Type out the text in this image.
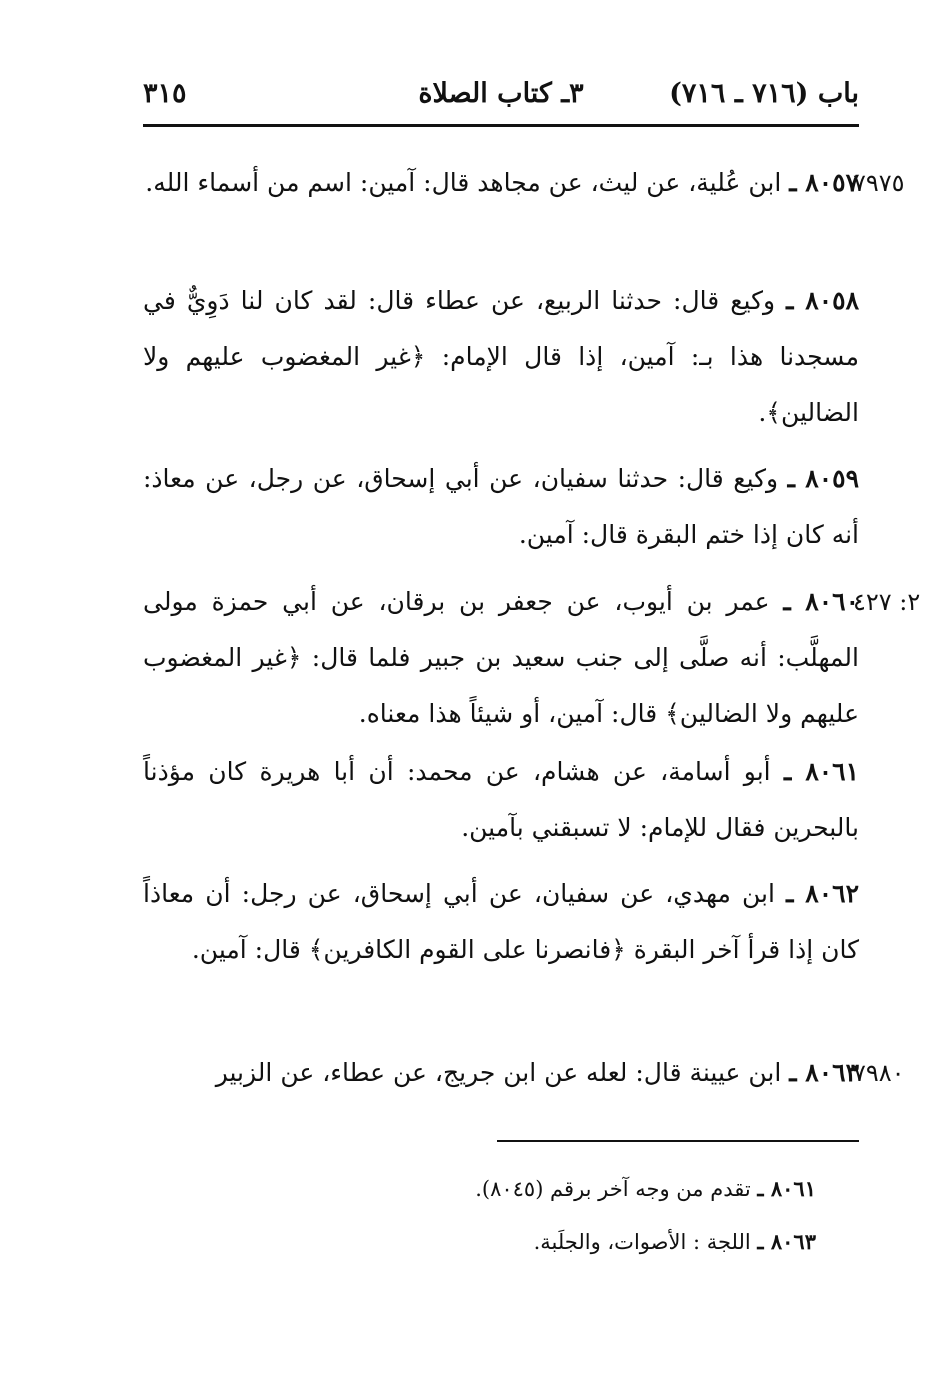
باب (٧١٦ ـ ٧١٦)
٣ـ كتاب الصلاة
٣١٥
٧٩٧٥
٨٠٥٧ ـ ابن عُلية، عن ليث، عن مجاهد قال: آمين: اسم من أسماء الله.
٨٠٥٨ ـ وكيع قال: حدثنا الربيع، عن عطاء قال: لقد كان لنا دَوِيٌّ في مسجدنا هذا بـ: آمين، إذا قال الإمام: ﴿غير المغضوب عليهم ولا الضالين﴾.
٨٠٥٩ ـ وكيع قال: حدثنا سفيان، عن أبي إسحاق، عن رجل، عن معاذ: أنه كان إذا ختم البقرة قال: آمين.
٢: ٤٢٧
٨٠٦٠ ـ عمر بن أيوب، عن جعفر بن برقان، عن أبي حمزة مولى المهلَّب: أنه صلَّى إلى جنب سعيد بن جبير فلما قال: ﴿غير المغضوب عليهم ولا الضالين﴾ قال: آمين، أو شيئاً هذا معناه.
٨٠٦١ ـ أبو أسامة، عن هشام، عن محمد: أن أبا هريرة كان مؤذناً بالبحرين فقال للإمام: لا تسبقني بآمين.
٨٠٦٢ ـ ابن مهدي، عن سفيان، عن أبي إسحاق، عن رجل: أن معاذاً كان إذا قرأ آخر البقرة ﴿فانصرنا على القوم الكافرين﴾ قال: آمين.
٧٩٨٠
٨٠٦٣ ـ ابن عيينة قال: لعله عن ابن جريج، عن عطاء، عن الزبير
٨٠٦١ ـ تقدم من وجه آخر برقم (٨٠٤٥).
٨٠٦٣ ـ اللجة : الأصوات، والجلَبة.
